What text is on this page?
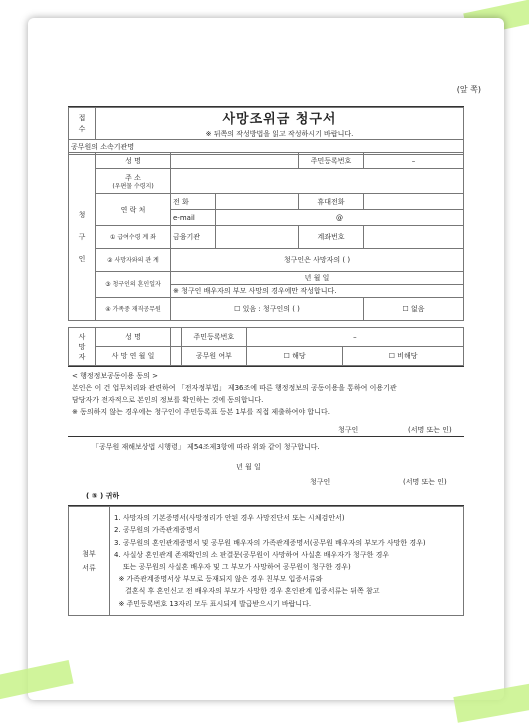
(앞 쪽)
접
수

사망조위금 청구서
※ 뒤쪽의 작성방법을 읽고 작성하시기 바랍니다.

공무원의 소속기관명
청
구
인	성 명			주민등록번호	–

	주 소
(우편물 수령지)				

	연 락 처	전 화		휴대전화	
		e-mail	@		
	① 급여수령 계 좌	금융기관		계좌번호	
	② 사망자와의 관 계	청구인은 사망자의 ( )			
	③ 청구인의 혼인일자	년 월 일			
		※ 청구인 배우자의 부모 사망의 경우에만 작성합니다.			
	④ 가족중 재직공무원	☐ 있음 : 청구인의 ( )			☐ 없음
사
망
자	성 명		주민등록번호	–	
	사 망 연 월 일		공무원 여부	☐ 해당	☐ 비해당
< 행정정보공동이용 동의 >
본인은 이 건 업무처리와 관련하여 「전자정부법」 제36조에 따른 행정정보의 공동이용을 통하여 이용기관
담당자가 전자적으로 본인의 정보를 확인하는 것에 동의합니다.
※ 동의하지 않는 경우에는 청구인이 주민등록표 등본 1부를 직접 제출하여야 합니다.
청구인	(서명 또는 인)
「공무원 재해보상법 시행령」 제54조제3항에 따라 위와 같이 청구합니다.
년 월 일
청구인	(서명 또는 인)
( ⑤ ) 귀하
첨부
서류

1. 사망자의 기본증명서(사망정리가 안된 경우 사망진단서 또는 시체검안서)
2. 공무원의 가족관계증명서
3. 공무원의 혼인관계증명서 및 공무원 배우자의 가족관계증명서(공무원 배우자의 부모가 사망한 경우)
4. 사실상 혼인관계 존재확인의 소 판결문(공무원이 사망하여 사실혼 배우자가 청구한 경우
또는 공무원의 사실혼 배우자 및 그 부모가 사망하여 공무원이 청구한 경우)
※ 가족관계증명서상 부모로 등재되지 않은 경우 친부모 입증서류와
결혼식 후 혼인신고 전 배우자의 부모가 사망한 경우 혼인관계 입증서류는 뒤쪽 참고
※ 주민등록번호 13자리 모두 표시되게 발급받으시기 바랍니다.
